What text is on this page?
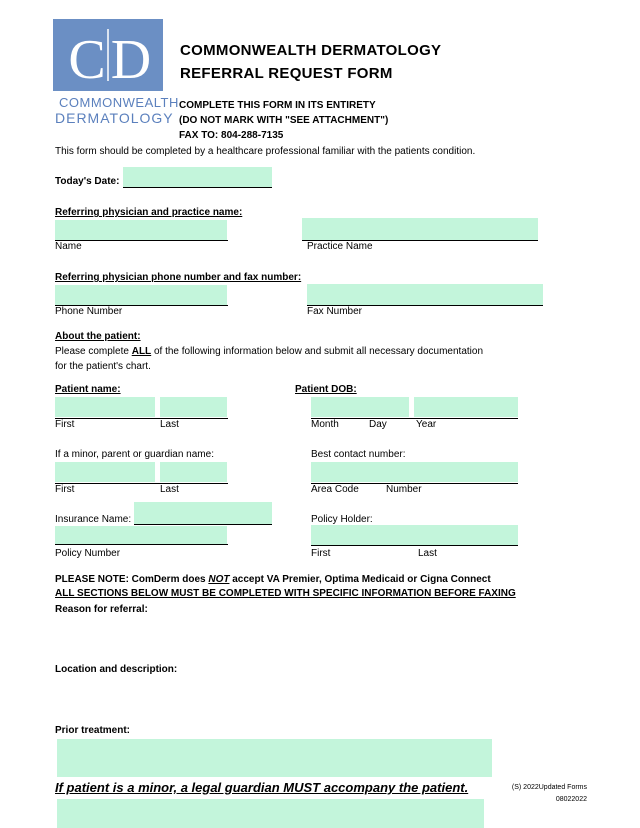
C D
COMMONWEALTH
DERMATOLOGY
COMMONWEALTH DERMATOLOGY
REFERRAL REQUEST FORM
COMPLETE THIS FORM IN ITS ENTIRETY
(DO NOT MARK WITH "SEE ATTACHMENT")
FAX TO: 804-288-7135
This form should be completed by a healthcare professional familiar with the patients condition.
Today's Date:
Referring physician and practice name:
Name	Practice Name
Referring physician phone number and fax number:
Phone Number	Fax Number
About the patient:
Please complete ALL of the following information below and submit all necessary documentation
for the patient's chart.
Patient name:
First	Last
Patient DOB:
Month	Day	Year
If a minor, parent or guardian name:
First	Last
Best contact number:
Area Code	Number
Insurance Name:
Policy Number
Policy Holder:
First	Last
PLEASE NOTE: ComDerm does NOT accept VA Premier, Optima Medicaid or Cigna Connect
ALL SECTIONS BELOW MUST BE COMPLETED WITH SPECIFIC INFORMATION BEFORE FAXING
Reason for referral:
Location and description:
Prior treatment:
If patient is a minor, a legal guardian MUST accompany the patient.	(S) 2022Updated Forms
08022022
